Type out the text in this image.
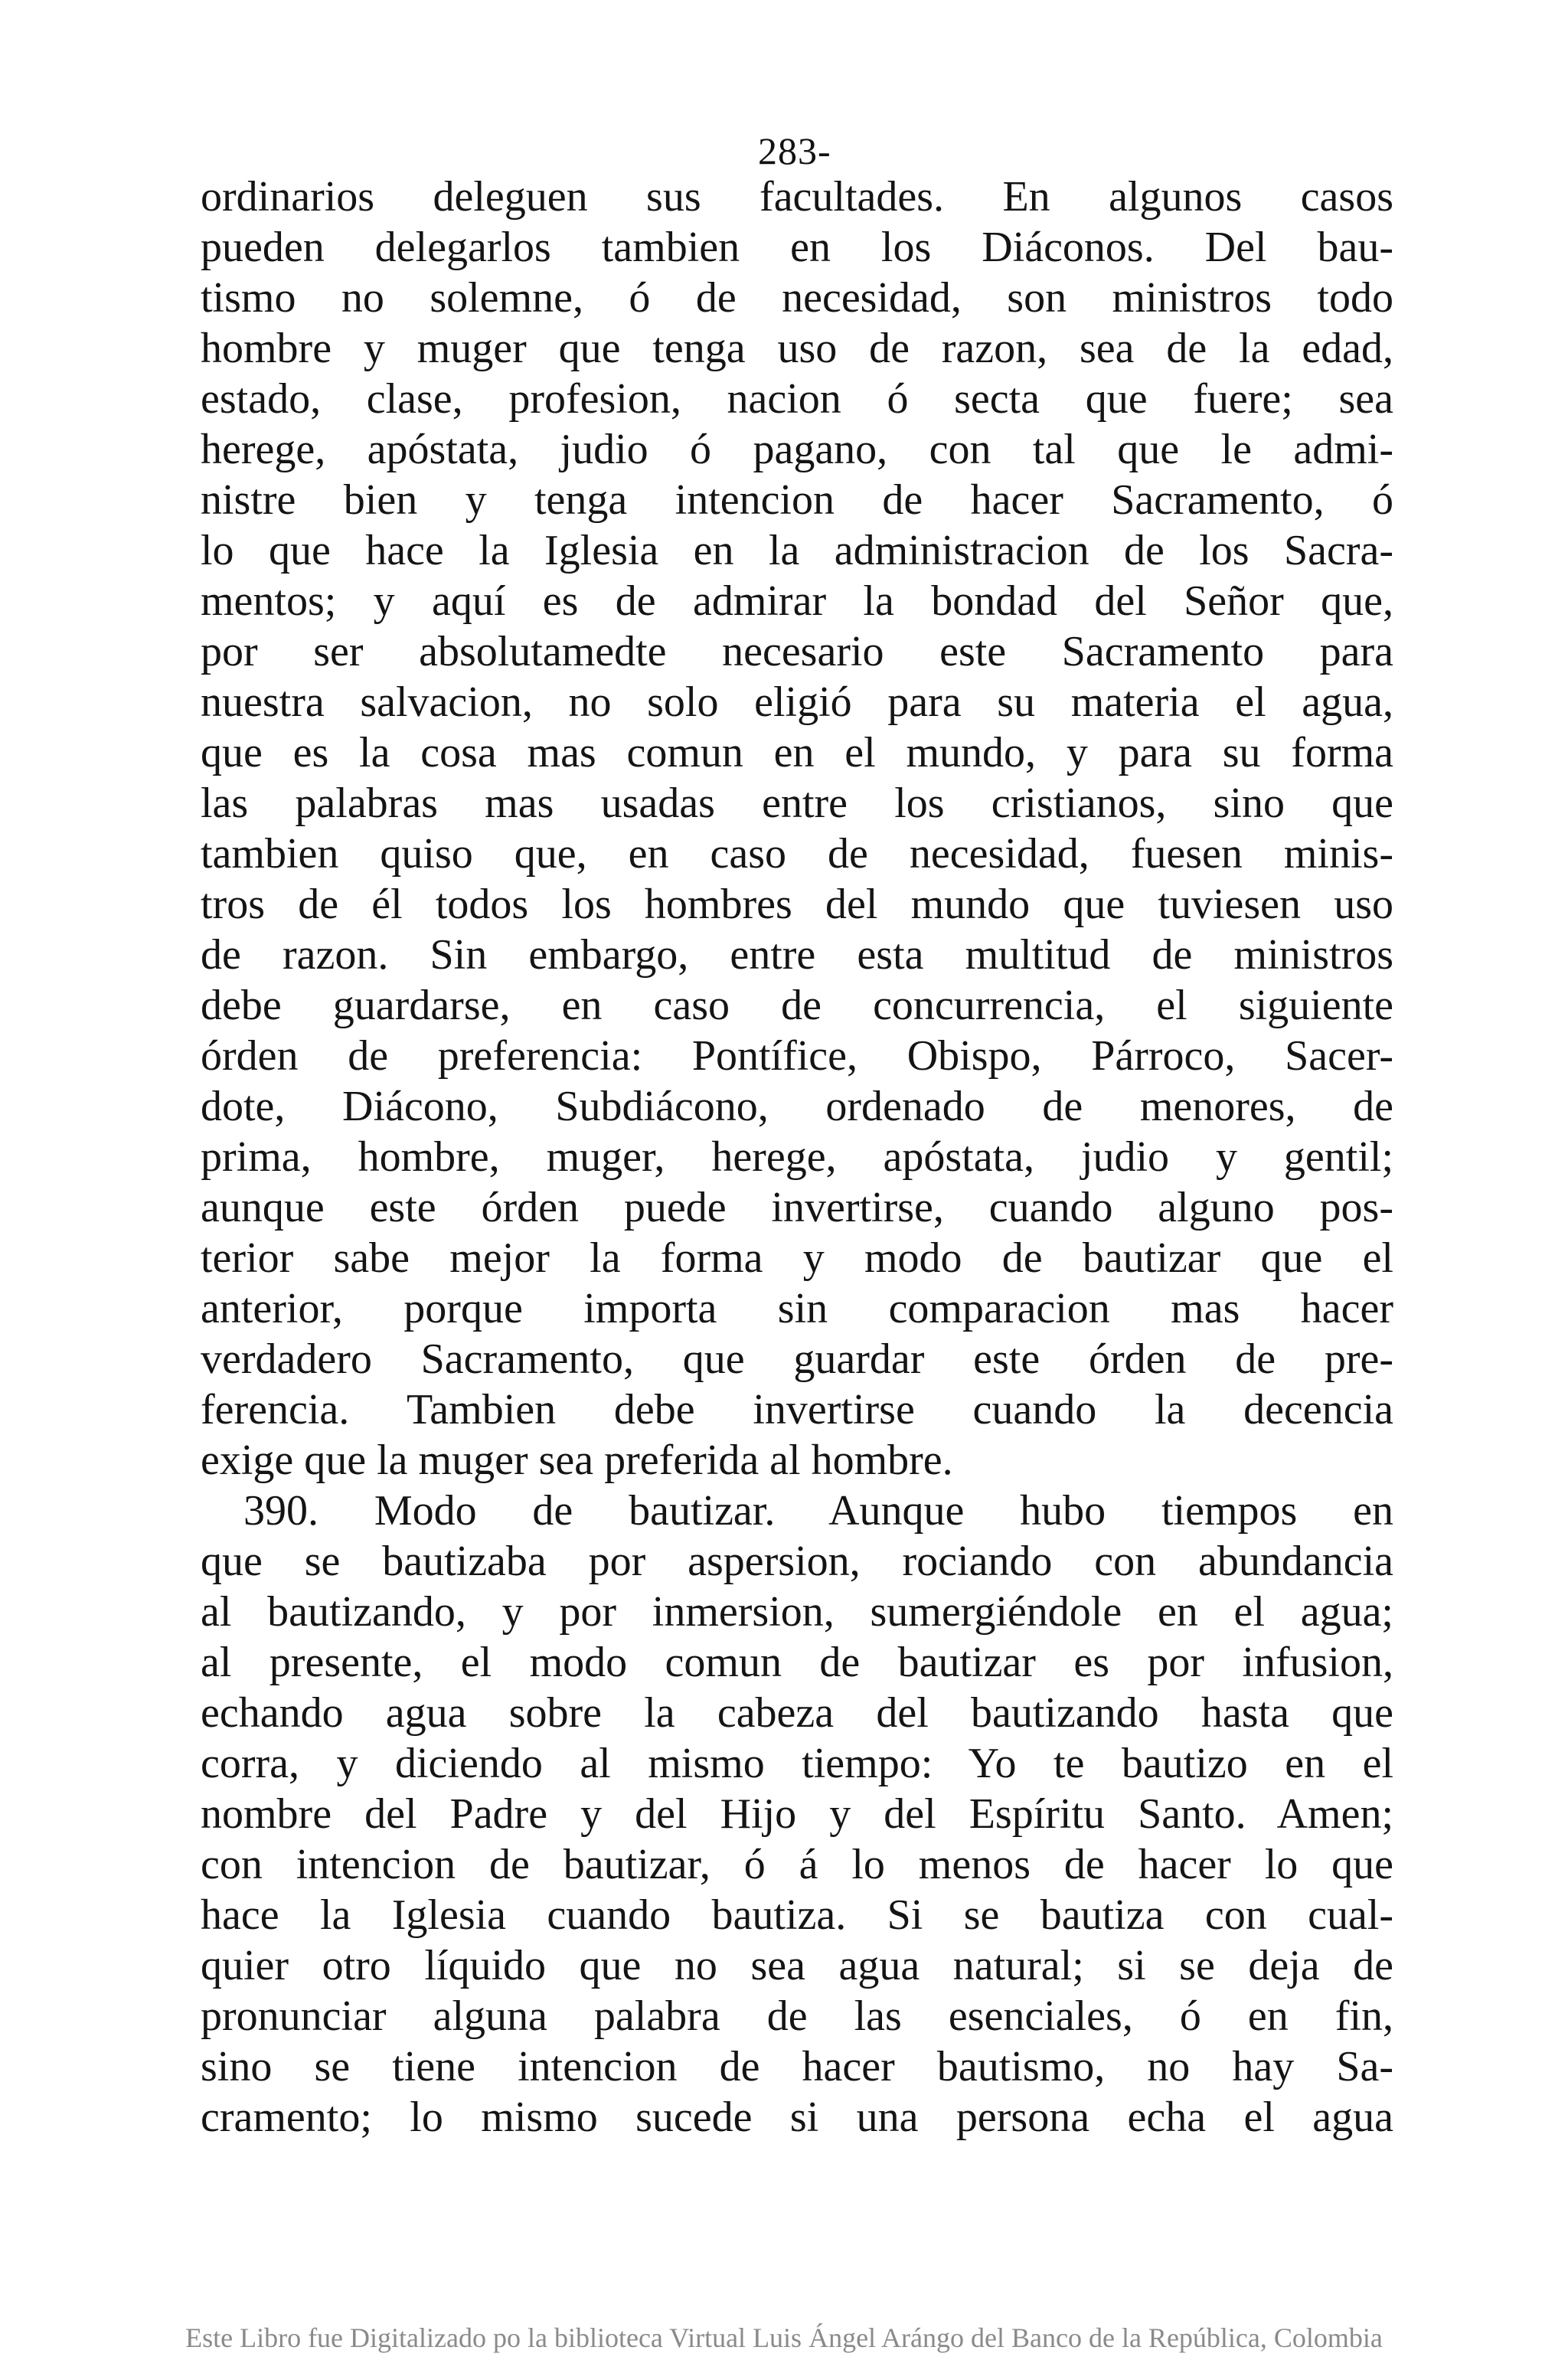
283-
ordinarios deleguen sus facultades. En algunos casos
pueden delegarlos tambien en los Diáconos. Del bau-
tismo no solemne, ó de necesidad, son ministros todo
hombre y muger que tenga uso de razon, sea de la edad,
estado, clase, profesion, nacion ó secta que fuere; sea
herege, apóstata, judio ó pagano, con tal que le admi-
nistre bien y tenga intencion de hacer Sacramento, ó
lo que hace la Iglesia en la administracion de los Sacra-
mentos; y aquí es de admirar la bondad del Señor que,
por ser absolutamedte necesario este Sacramento para
nuestra salvacion, no solo eligió para su materia el agua,
que es la cosa mas comun en el mundo, y para su forma
las palabras mas usadas entre los cristianos, sino que
tambien quiso que, en caso de necesidad, fuesen minis-
tros de él todos los hombres del mundo que tuviesen uso
de razon. Sin embargo, entre esta multitud de ministros
debe guardarse, en caso de concurrencia, el siguiente
órden de preferencia: Pontífice, Obispo, Párroco, Sacer-
dote, Diácono, Subdiácono, ordenado de menores, de
prima, hombre, muger, herege, apóstata, judio y gentil;
aunque este órden puede invertirse, cuando alguno pos-
terior sabe mejor la forma y modo de bautizar que el
anterior, porque importa sin comparacion mas hacer
verdadero Sacramento, que guardar este órden de pre-
ferencia. Tambien debe invertirse cuando la decencia
exige que la muger sea preferida al hombre.
390. Modo de bautizar. Aunque hubo tiempos en
que se bautizaba por aspersion, rociando con abundancia
al bautizando, y por inmersion, sumergiéndole en el agua;
al presente, el modo comun de bautizar es por infusion,
echando agua sobre la cabeza del bautizando hasta que
corra, y diciendo al mismo tiempo: Yo te bautizo en el
nombre del Padre y del Hijo y del Espíritu Santo. Amen;
con intencion de bautizar, ó á lo menos de hacer lo que
hace la Iglesia cuando bautiza. Si se bautiza con cual-
quier otro líquido que no sea agua natural; si se deja de
pronunciar alguna palabra de las esenciales, ó en fin,
sino se tiene intencion de hacer bautismo, no hay Sa-
cramento; lo mismo sucede si una persona echa el agua
Este Libro fue Digitalizado po la biblioteca Virtual Luis Ángel Arángo del Banco de la República, Colombia
